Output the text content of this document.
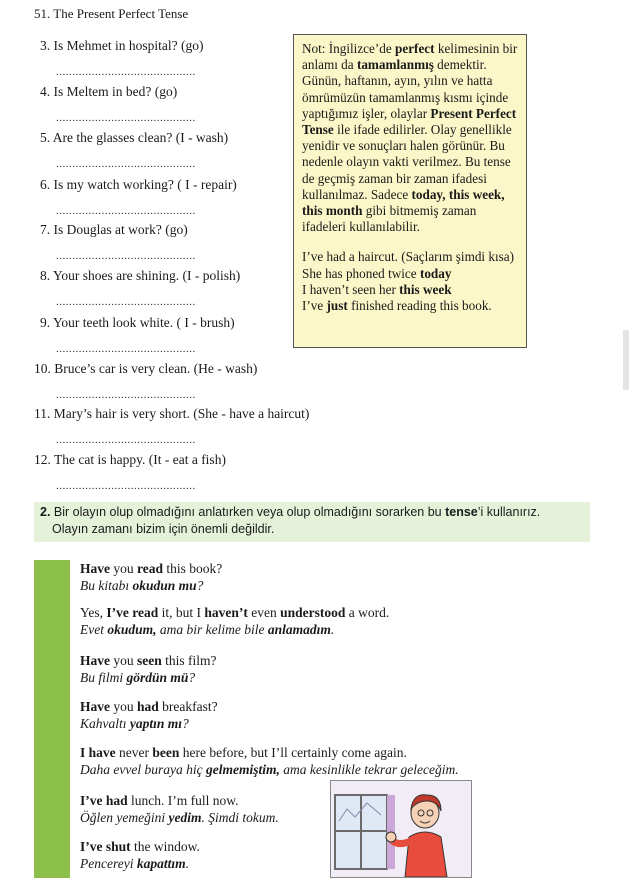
51. The Present Perfect Tense
3. Is Mehmet in hospital? (go)
...........................................
4. Is Meltem in bed? (go)
...........................................
5. Are the glasses clean? (I - wash)
...........................................
6. Is my watch working? ( I - repair)
...........................................
7. Is Douglas at work? (go)
...........................................
8. Your shoes are shining. (I - polish)
...........................................
9. Your teeth look white. ( I - brush)
...........................................
10. Bruce’s car is very clean. (He - wash)
...........................................
11. Mary’s hair is very short. (She - have a haircut)
...........................................
12. The cat is happy. (It - eat a fish)
...........................................

Not: İngilizce’de perfect kelimesinin bir

anlamı da tamamlanmış demektir.

Günün, haftanın, ayın, yılın ve hatta

ömrümüzün tamamlanmış kısmı içinde

yaptığımız işler, olaylar Present Perfect

Tense ile ifade edilirler. Olay genellikle

yenidir ve sonuçları halen görünür. Bu

nedenle olayın vakti verilmez. Bu tense

de geçmiş zaman bir zaman ifadesi

kullanılmaz. Sadece today, this week,

this month gibi bitmemiş zaman

ifadeleri kullanılabilir.

I’ve had a haircut. (Saçlarım şimdi kısa)

She has phoned twice today

I haven’t seen her this week

I’ve just finished reading this book.

2. Bir olayın olup olmadığını anlatırken veya olup olmadığını sorarken bu tense’i kullanırız.
Olayın zamanı bizim için önemli değildir.
Have you read this book?
Bu kitabı okudun mu?
Yes, I’ve read it, but I haven’t even understood a word.
Evet okudum, ama bir kelime bile anlamadım.
Have you seen this film?
Bu filmi gördün mü?
Have you had breakfast?
Kahvaltı yaptın mı?
I have never been here before, but I’ll certainly come again.
Daha evvel buraya hiç gelmemiştim, ama kesinlikle tekrar geleceğim.
I’ve had lunch. I’m full now.
Öğlen yemeğini yedim. Şimdi tokum.
I’ve shut the window.
Pencereyi kapattım.
